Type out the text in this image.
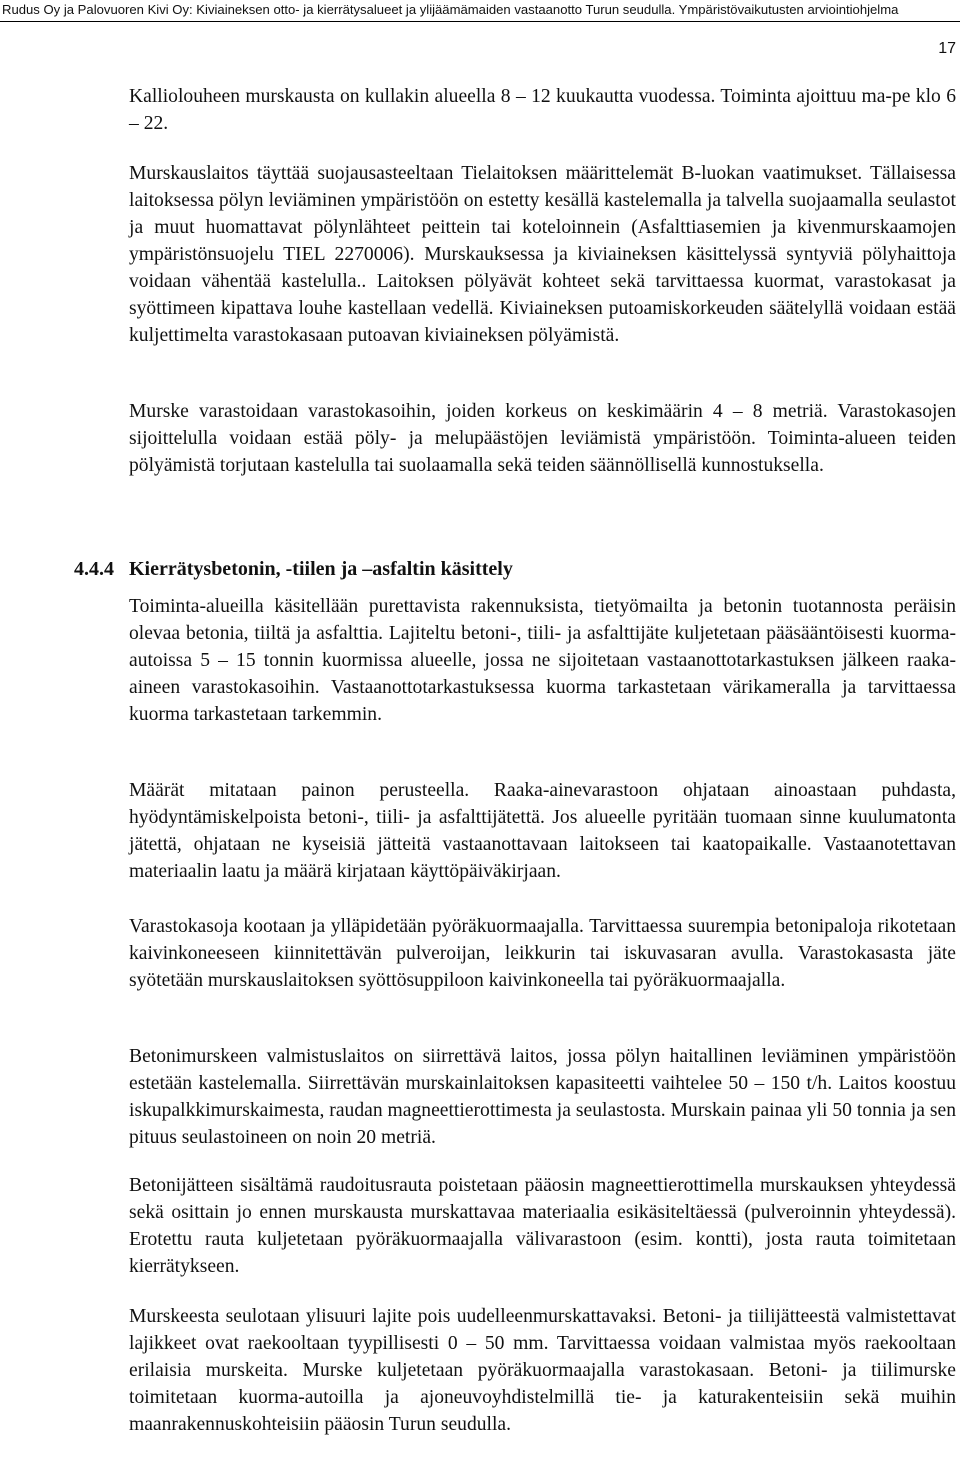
Rudus Oy ja Palovuoren Kivi Oy: Kiviaineksen otto- ja kierrätysalueet ja ylijäämämaiden vastaanotto Turun seudulla. Ympäristövaikutusten arviointiohjelma
17

Kalliolouheen murskausta on kullakin alueella 8 – 12 kuukautta vuodessa. Toiminta ajoittuu ma-pe klo 6 – 22.

Murskauslaitos täyttää suojausasteeltaan Tielaitoksen määrittelemät B-luokan vaatimukset. Tällaisessa laitoksessa pölyn leviäminen ympäristöön on estetty kesällä kastelemalla ja talvella suojaamalla seulastot ja muut huomattavat pölynlähteet peittein tai koteloinnein (Asfalttiasemien ja kivenmurskaamojen ympäristönsuojelu TIEL 2270006). Murskauksessa ja kiviaineksen käsittelyssä syntyviä pölyhaittoja voidaan vähentää kastelulla.. Laitoksen pölyävät kohteet sekä tarvittaessa kuormat, varastokasat ja syöttimeen kipattava louhe kastellaan vedellä. Kiviaineksen putoamiskorkeuden säätelyllä voidaan estää kuljettimelta varastokasaan putoavan kiviaineksen pölyämistä.

Murske varastoidaan varastokasoihin, joiden korkeus on keskimäärin 4 – 8 metriä. Varastokasojen sijoittelulla voidaan estää pöly- ja melupäästöjen leviämistä ympäristöön. Toiminta-alueen teiden pölyämistä torjutaan kastelulla tai suolaamalla sekä teiden säännöllisellä kunnostuksella.

4.4.4 Kierrätysbetonin, -tiilen ja –asfaltin käsittely

Toiminta-alueilla käsitellään purettavista rakennuksista, tietyömailta ja betonin tuotannosta peräisin olevaa betonia, tiiltä ja asfalttia. Lajiteltu betoni-, tiili- ja asfalttijäte kuljetetaan pääsääntöisesti kuorma-autoissa 5 – 15 tonnin kuormissa alueelle, jossa ne sijoitetaan vastaanottotarkastuksen jälkeen raaka-aineen varastokasoihin. Vastaanottotarkastuksessa kuorma tarkastetaan värikameralla ja tarvittaessa kuorma tarkastetaan tarkemmin.

Määrät mitataan painon perusteella. Raaka-ainevarastoon ohjataan ainoastaan puhdasta, hyödyntämiskelpoista betoni-, tiili- ja asfalttijätettä. Jos alueelle pyritään tuomaan sinne kuulumatonta jätettä, ohjataan ne kyseisiä jätteitä vastaanottavaan laitokseen tai kaatopaikalle. Vastaanotettavan materiaalin laatu ja määrä kirjataan käyttöpäiväkirjaan.

Varastokasoja kootaan ja ylläpidetään pyöräkuormaajalla. Tarvittaessa suurempia betonipaloja rikotetaan kaivinkoneeseen kiinnitettävän pulveroijan, leikkurin tai iskuvasaran avulla. Varastokasasta jäte syötetään murskauslaitoksen syöttösuppiloon kaivinkoneella tai pyöräkuormaajalla.

Betonimurskeen valmistuslaitos on siirrettävä laitos, jossa pölyn haitallinen leviäminen ympäristöön estetään kastelemalla. Siirrettävän murskainlaitoksen kapasiteetti vaihtelee 50 – 150 t/h. Laitos koostuu iskupalkkimurskaimesta, raudan magneettierottimesta ja seulastosta. Murskain painaa yli 50 tonnia ja sen pituus seulastoineen on noin 20 metriä.

Betonijätteen sisältämä raudoitusrauta poistetaan pääosin magneettierottimella murskauksen yhteydessä sekä osittain jo ennen murskausta murskattavaa materiaalia esikäsiteltäessä (pulveroinnin yhteydessä). Erotettu rauta kuljetetaan pyöräkuormaajalla välivarastoon (esim. kontti), josta rauta toimitetaan kierrätykseen.

Murskeesta seulotaan ylisuuri lajite pois uudelleenmurskattavaksi. Betoni- ja tiilijätteestä valmistettavat lajikkeet ovat raekooltaan tyypillisesti 0 – 50 mm. Tarvittaessa voidaan valmistaa myös raekooltaan erilaisia murskeita. Murske kuljetetaan pyöräkuormaajalla varastokasaan. Betoni- ja tiilimurske toimitetaan kuorma-autoilla ja ajoneuvoyhdistelmillä tie- ja katurakenteisiin sekä muihin maanrakennuskohteisiin pääosin Turun seudulla.
